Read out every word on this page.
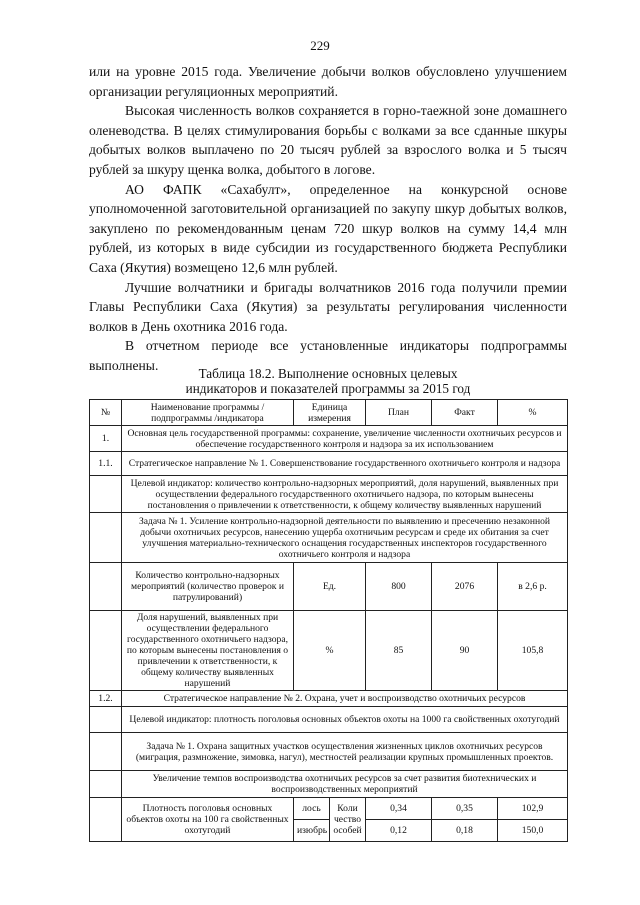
229

или на уровне 2015 года. Увеличение добычи волков обусловлено улучшением организации регуляционных мероприятий.

Высокая численность волков сохраняется в горно-таежной зоне домашнего оленеводства. В целях стимулирования борьбы с волками за все сданные шкуры добытых волков выплачено по 20 тысяч рублей за взрослого волка и 5 тысяч рублей за шкуру щенка волка, добытого в логове.

АО ФАПК «Сахабулт», определенное на конкурсной основе уполномоченной заготовительной организацией по закупу шкур добытых волков, закуплено по рекомендованным ценам 720 шкур волков на сумму 14,4 млн рублей, из которых в виде субсидии из государственного бюджета Республики Саха (Якутия) возмещено 12,6 млн рублей.

Лучшие волчатники и бригады волчатников 2016 года получили премии Главы Республики Саха (Якутия) за результаты регулирования численности волков в День охотника 2016 года.

В отчетном периоде все установленные индикаторы подпрограммы выполнены.

Таблица 18.2. Выполнение основных целевых
индикаторов и показателей программы за 2015 год
№	Наименование программы /подпрограммы /индикатора	Единица измерения		План	Факт	%
1.	Основная цель государственной программы: сохранение, увеличение численности охотничьих ресурсов и обеспечение государственного контроля и надзора за их использованием					
1.1.	Стратегическое направление № 1. Совершенствование государственного охотничьего контроля и надзора					
	Целевой индикатор: количество контрольно-надзорных мероприятий, доля нарушений, выявленных при осуществлении федерального государственного охотничьего надзора, по которым вынесены постановления о привлечении к ответственности, к общему количеству выявленных нарушений					
	Задача № 1. Усиление контрольно-надзорной деятельности по выявлению и пресечению незаконной добычи охотничьих ресурсов, нанесению ущерба охотничьим ресурсам и среде их обитания за счет улучшения материально-технического оснащения государственных инспекторов государственного охотничьего контроля и надзора					
	Количество контрольно-надзорных мероприятий (количество проверок и патрулирований)	Ед.		800	2076	в 2,6 р.
	Доля нарушений, выявленных при осуществлении федерального государственного охотничьего надзора, по которым вынесены постановления о привлечении к ответственности, к общему количеству выявленных нарушений	%		85	90	105,8
1.2.	Стратегическое направление № 2. Охрана, учет и воспроизводство охотничьих ресурсов					
	Целевой индикатор: плотность поголовья основных объектов охоты на 1000 га свойственных охотугодий					
	Задача № 1. Охрана защитных участков осуществления жизненных циклов охотничьих ресурсов (миграция, размножение, зимовка, нагул), местностей реализации крупных промышленных проектов.					
	Увеличение темпов воспроизводства охотничьих ресурсов за счет развития биотехнических и воспроизводственных мероприятий					
	Плотность поголовья основных объектов охоты на 100 га свойственных охотугодий	лось	Коли чество особей	0,34	0,35	102,9
		изюбрь		0,12	0,18	150,0
